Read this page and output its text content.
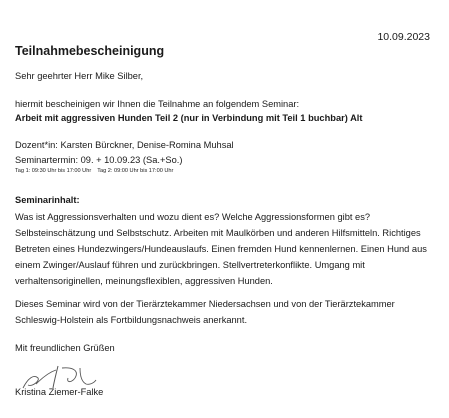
10.09.2023
Teilnahmebescheinigung
Sehr geehrter Herr Mike Silber,
hiermit bescheinigen wir Ihnen die Teilnahme an folgendem Seminar:
Arbeit mit aggressiven Hunden Teil 2 (nur in Verbindung mit Teil 1 buchbar) Alt
Dozent*in: Karsten Bürckner, Denise-Romina Muhsal
Seminartermin: 09. + 10.09.23 (Sa.+So.)
Tag 1: 09:30 Uhr bis 17:00 Uhr Tag 2: 09:00 Uhr bis 17:00 Uhr
Seminarinhalt:
Was ist Aggressionsverhalten und wozu dient es? Welche Aggressionsformen gibt es?
Selbsteinschätzung und Selbstschutz. Arbeiten mit Maulkörben und anderen Hilfsmitteln. Richtiges
Betreten eines Hundezwingers/Hundeauslaufs. Einen fremden Hund kennenlernen. Einen Hund aus
einem Zwinger/Auslauf führen und zurückbringen. Stellvertreterkonflikte. Umgang mit
verhaltensoriginellen, meinungsflexiblen, aggressiven Hunden.
Dieses Seminar wird von der Tierärztekammer Niedersachsen und von der Tierärztekammer
Schleswig-Holstein als Fortbildungsnachweis anerkannt.
Mit freundlichen Grüßen
Kristina Ziemer-Falke
